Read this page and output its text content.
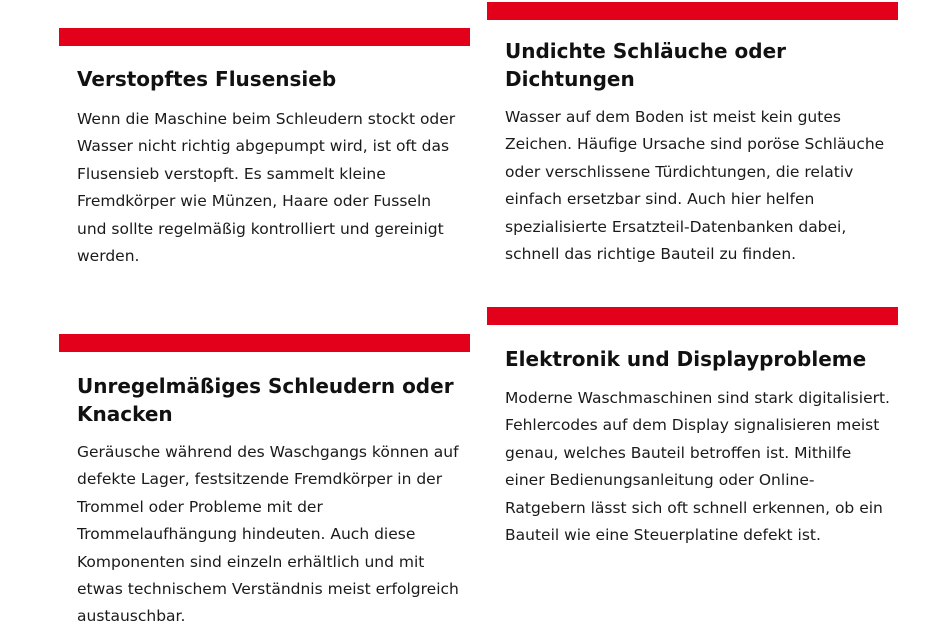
Verstopftes Flusensieb

Wenn die Maschine beim Schleudern stockt oder Wasser nicht richtig abgepumpt wird, ist oft das Flusensieb verstopft. Es sammelt kleine Fremdkörper wie Münzen, Haare oder Fusseln und sollte regelmäßig kontrolliert und gereinigt werden.

Undichte Schläuche oder Dichtungen

Wasser auf dem Boden ist meist kein gutes Zeichen. Häufige Ursache sind poröse Schläuche oder verschlissene Türdichtungen, die relativ einfach ersetzbar sind. Auch hier helfen spezialisierte Ersatzteil-Datenbanken dabei, schnell das richtige Bauteil zu finden.

Unregelmäßiges Schleudern oder Knacken

Geräusche während des Waschgangs können auf defekte Lager, festsitzende Fremdkörper in der Trommel oder Probleme mit der Trommelaufhängung hindeuten. Auch diese Komponenten sind einzeln erhältlich und mit etwas technischem Verständnis meist erfolgreich austauschbar.

Elektronik und Displayprobleme

Moderne Waschmaschinen sind stark digitalisiert. Fehlercodes auf dem Display signalisieren meist genau, welches Bauteil betroffen ist. Mithilfe einer Bedienungsanleitung oder Online-Ratgebern lässt sich oft schnell erkennen, ob ein Bauteil wie eine Steuerplatine defekt ist.
